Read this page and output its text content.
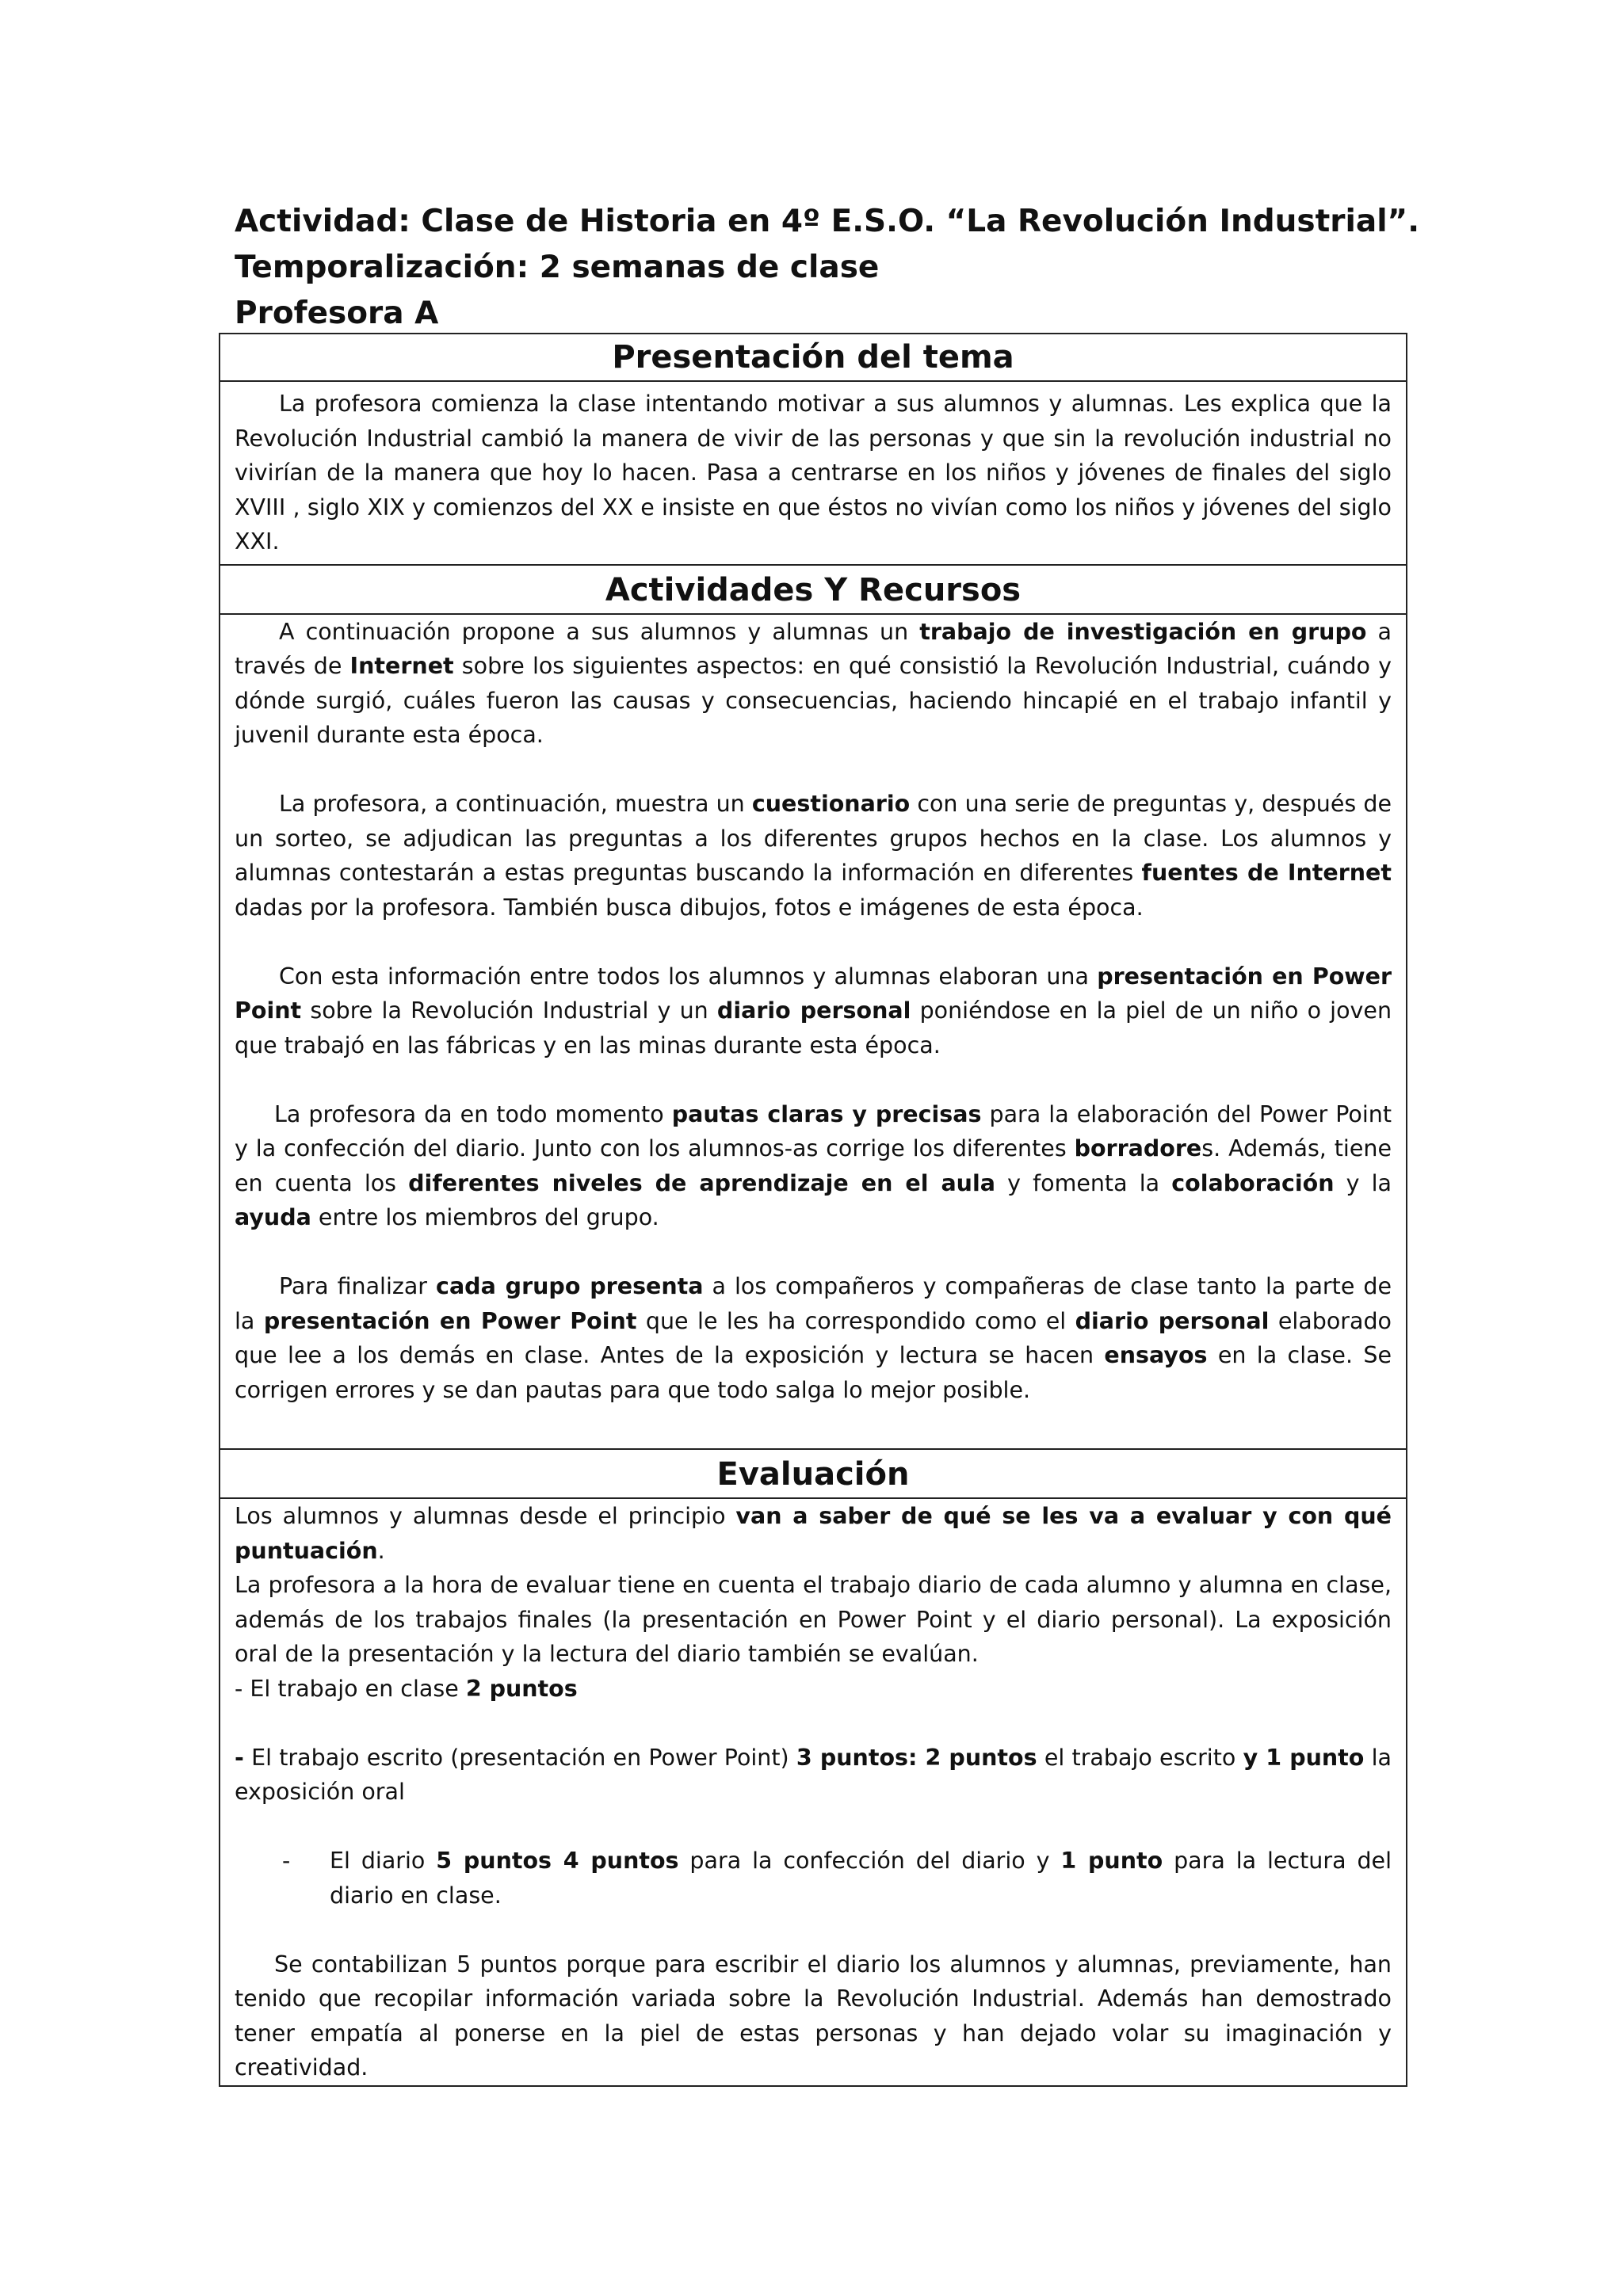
Actividad: Clase de Historia en 4º E.S.O. “La Revolución Industrial”.
Temporalización: 2 semanas de clase
Profesora A
Presentación del tema

La profesora comienza la clase intentando motivar a sus alumnos y alumnas. Les explica que la Revolución Industrial cambió la manera de vivir de las personas y que sin la revolución industrial no vivirían de la manera que hoy lo hacen. Pasa a centrarse en los niños y jóvenes de finales del siglo XVIII , siglo XIX y comienzos del XX e insiste en que éstos no vivían como los niños y jóvenes del siglo XXI.

Actividades Y Recursos

A continuación propone a sus alumnos y alumnas un trabajo de investigación en grupo a través de Internet sobre los siguientes aspectos: en qué consistió la Revolución Industrial, cuándo y dónde surgió, cuáles fueron las causas y consecuencias, haciendo hincapié en el trabajo infantil y juvenil durante esta época.

La profesora, a continuación, muestra un cuestionario con una serie de preguntas y, después de un sorteo, se adjudican las preguntas a los diferentes grupos hechos en la clase. Los alumnos y alumnas contestarán a estas preguntas buscando la información en diferentes fuentes de Internet dadas por la profesora. También busca dibujos, fotos e imágenes de esta época.

Con esta información entre todos los alumnos y alumnas elaboran una presentación en Power Point sobre la Revolución Industrial y un diario personal poniéndose en la piel de un niño o joven que trabajó en las fábricas y en las minas durante esta época.

La profesora da en todo momento pautas claras y precisas para la elaboración del Power Point y la confección del diario. Junto con los alumnos-as corrige los diferentes borradores. Además, tiene en cuenta los diferentes niveles de aprendizaje en el aula y fomenta la colaboración y la ayuda entre los miembros del grupo.

Para finalizar cada grupo presenta a los compañeros y compañeras de clase tanto la parte de la presentación en Power Point que le les ha correspondido como el diario personal elaborado que lee a los demás en clase. Antes de la exposición y lectura se hacen ensayos en la clase. Se corrigen errores y se dan pautas para que todo salga lo mejor posible.

Evaluación

Los alumnos y alumnas desde el principio van a saber de qué se les va a evaluar y con qué puntuación.

La profesora a la hora de evaluar tiene en cuenta el trabajo diario de cada alumno y alumna en clase, además de los trabajos finales (la presentación en Power Point y el diario personal). La exposición oral de la presentación y la lectura del diario también se evalúan.

- El trabajo en clase 2 puntos

- El trabajo escrito (presentación en Power Point) 3 puntos: 2 puntos el trabajo escrito y 1 punto la exposición oral

- El diario 5 puntos 4 puntos para la confección del diario y 1 punto para la lectura del diario en clase.

Se contabilizan 5 puntos porque para escribir el diario los alumnos y alumnas, previamente, han tenido que recopilar información variada sobre la Revolución Industrial. Además han demostrado tener empatía al ponerse en la piel de estas personas y han dejado volar su imaginación y creatividad.
